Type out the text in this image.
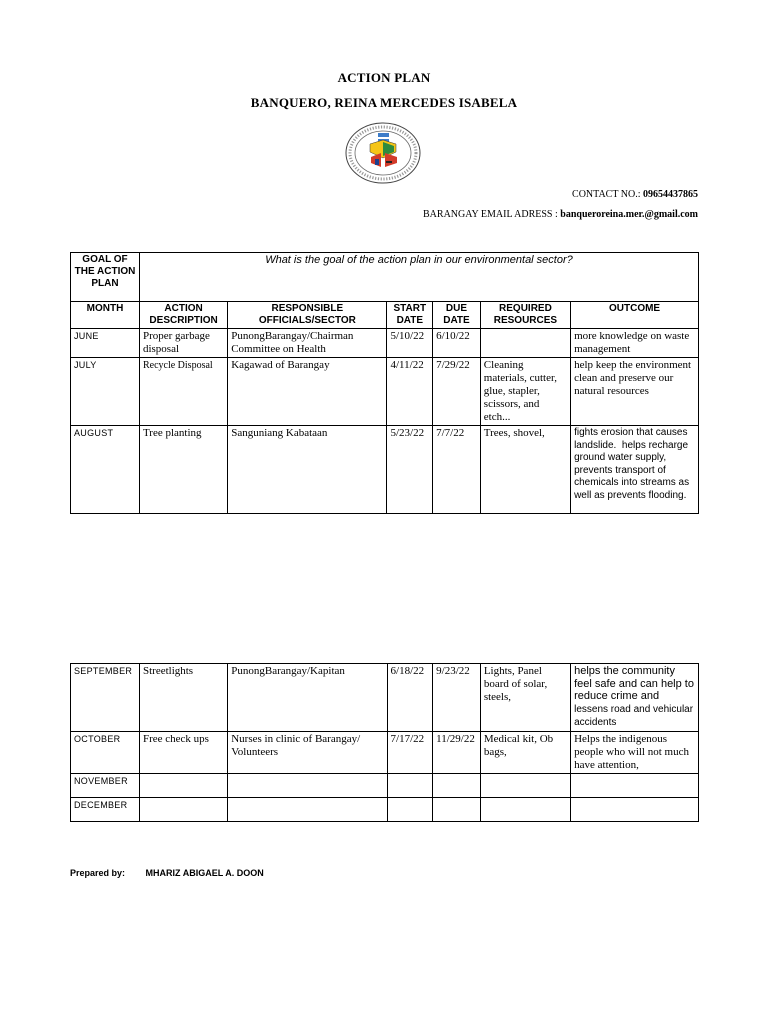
ACTION PLAN
BANQUERO, REINA MERCEDES ISABELA
CONTACT NO.: 09654437865
BARANGAY EMAIL ADRESS : banqueroreina.mer.@gmail.com
GOAL OF THE ACTION PLAN	What is the goal of the action plan in our environmental sector?					
MONTH	ACTION DESCRIPTION	RESPONSIBLE OFFICIALS/SECTOR	START DATE	DUE DATE	REQUIRED RESOURCES	OUTCOME
JUNE	Proper garbage disposal	PunongBarangay/Chairman Committee on Health	5/10/22	6/10/22		more knowledge on waste management
JULY	Recycle Disposal	Kagawad of Barangay	4/11/22	7/29/22	Cleaning materials, cutter, glue, stapler, scissors, and etch...	help keep the environment clean and preserve our natural resources
AUGUST	Tree planting	Sanguniang Kabataan	5/23/22	7/7/22	Trees, shovel,	fights erosion that causes landslide. helps recharge ground water supply, prevents transport of chemicals into streams as well as prevents flooding.
SEPTEMBER	Streetlights	PunongBarangay/Kapitan	6/18/22	9/23/22	Lights, Panel board of solar, steels,	helps the community feel safe and can help to reduce crime and lessens road and vehicular accidents
OCTOBER	Free check ups	Nurses in clinic of Barangay/ Volunteers	7/17/22	11/29/22	Medical kit, Ob bags,	Helps the indigenous people who will not much have attention,
NOVEMBER						
DECEMBER						
Prepared by: MHARIZ ABIGAEL A. DOON
